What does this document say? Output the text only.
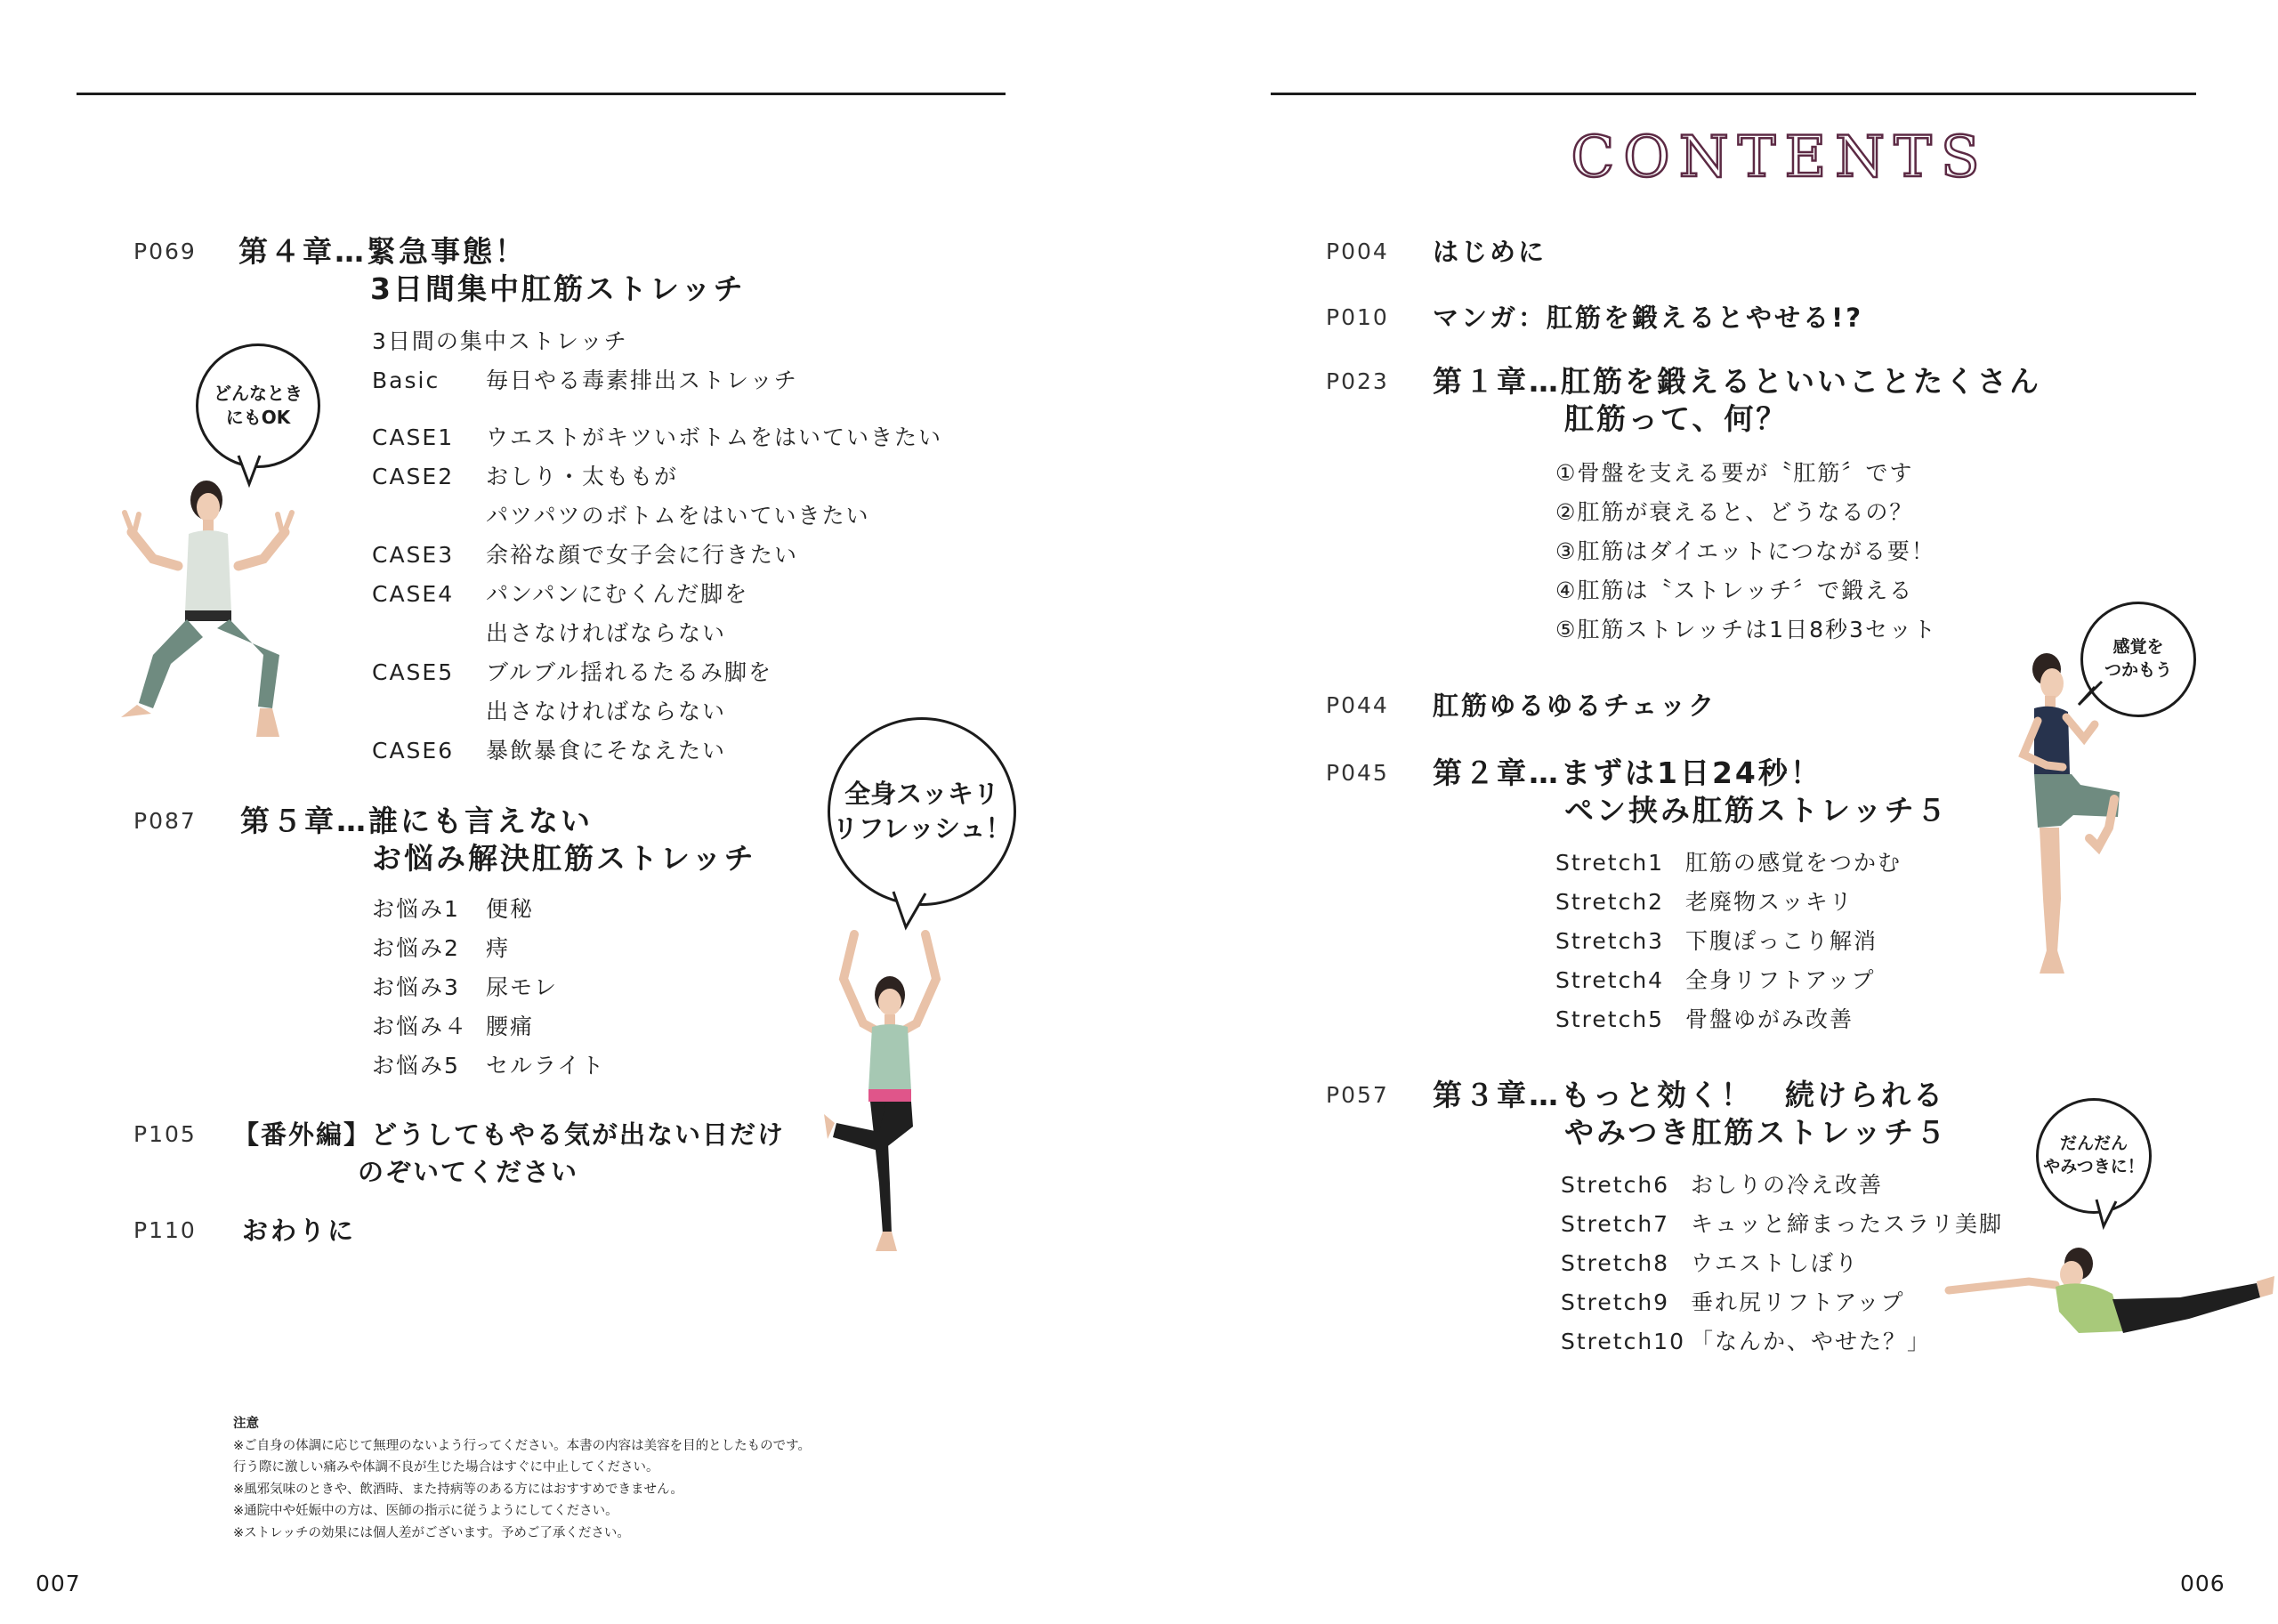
P069 第４章…緊急事態！
3日間集中肛筋ストレッチ
3日間の集中ストレッチ
Basic 毎日やる毒素排出ストレッチ
CASE1 ウエストがキツいボトムをはいていきたい
CASE2 おしり・太ももが
パツパツのボトムをはいていきたい
CASE3 余裕な顔で女子会に行きたい
CASE4 パンパンにむくんだ脚を
出さなければならない
CASE5 ブルブル揺れるたるみ脚を
出さなければならない
CASE6 暴飲暴食にそなえたい
P087 第５章…誰にも言えない
お悩み解決肛筋ストレッチ
お悩み1 便秘
お悩み2 痔
お悩み3 尿モレ
お悩み４ 腰痛
お悩み5 セルライト
P105 【番外編】どうしてもやる気が出ない日だけ
のぞいてください
P110 おわりに
どんなとき
にもOK
全身スッキリ
リフレッシュ！
注意
※ご自身の体調に応じて無理のないよう行ってください。本書の内容は美容を目的としたものです。
行う際に激しい痛みや体調不良が生じた場合はすぐに中止してください。
※風邪気味のときや、飲酒時、また持病等のある方にはおすすめできません。
※通院中や妊娠中の方は、医師の指示に従うようにしてください。
※ストレッチの効果には個人差がございます。予めご了承ください。
007
CONTENTS
P004 はじめに
P010 マンガ：肛筋を鍛えるとやせる!?
P023 第１章…肛筋を鍛えるといいことたくさん
肛筋って、何？
①骨盤を支える要が〝肛筋〞です
②肛筋が衰えると、どうなるの？
③肛筋はダイエットにつながる要！
④肛筋は〝ストレッチ〞で鍛える
⑤肛筋ストレッチは1日8秒3セット
P044 肛筋ゆるゆるチェック
P045 第２章…まずは1日24秒！
ペン挟み肛筋ストレッチ５
Stretch1 肛筋の感覚をつかむ
Stretch2 老廃物スッキリ
Stretch3 下腹ぽっこり解消
Stretch4 全身リフトアップ
Stretch5 骨盤ゆがみ改善
P057 第３章…もっと効く！　続けられる
やみつき肛筋ストレッチ５
Stretch6 おしりの冷え改善
Stretch7 キュッと締まったスラリ美脚
Stretch8 ウエストしぼり
Stretch9 垂れ尻リフトアップ
Stretch10 「なんか、やせた？」
感覚を
つかもう
だんだん
やみつきに！
006
